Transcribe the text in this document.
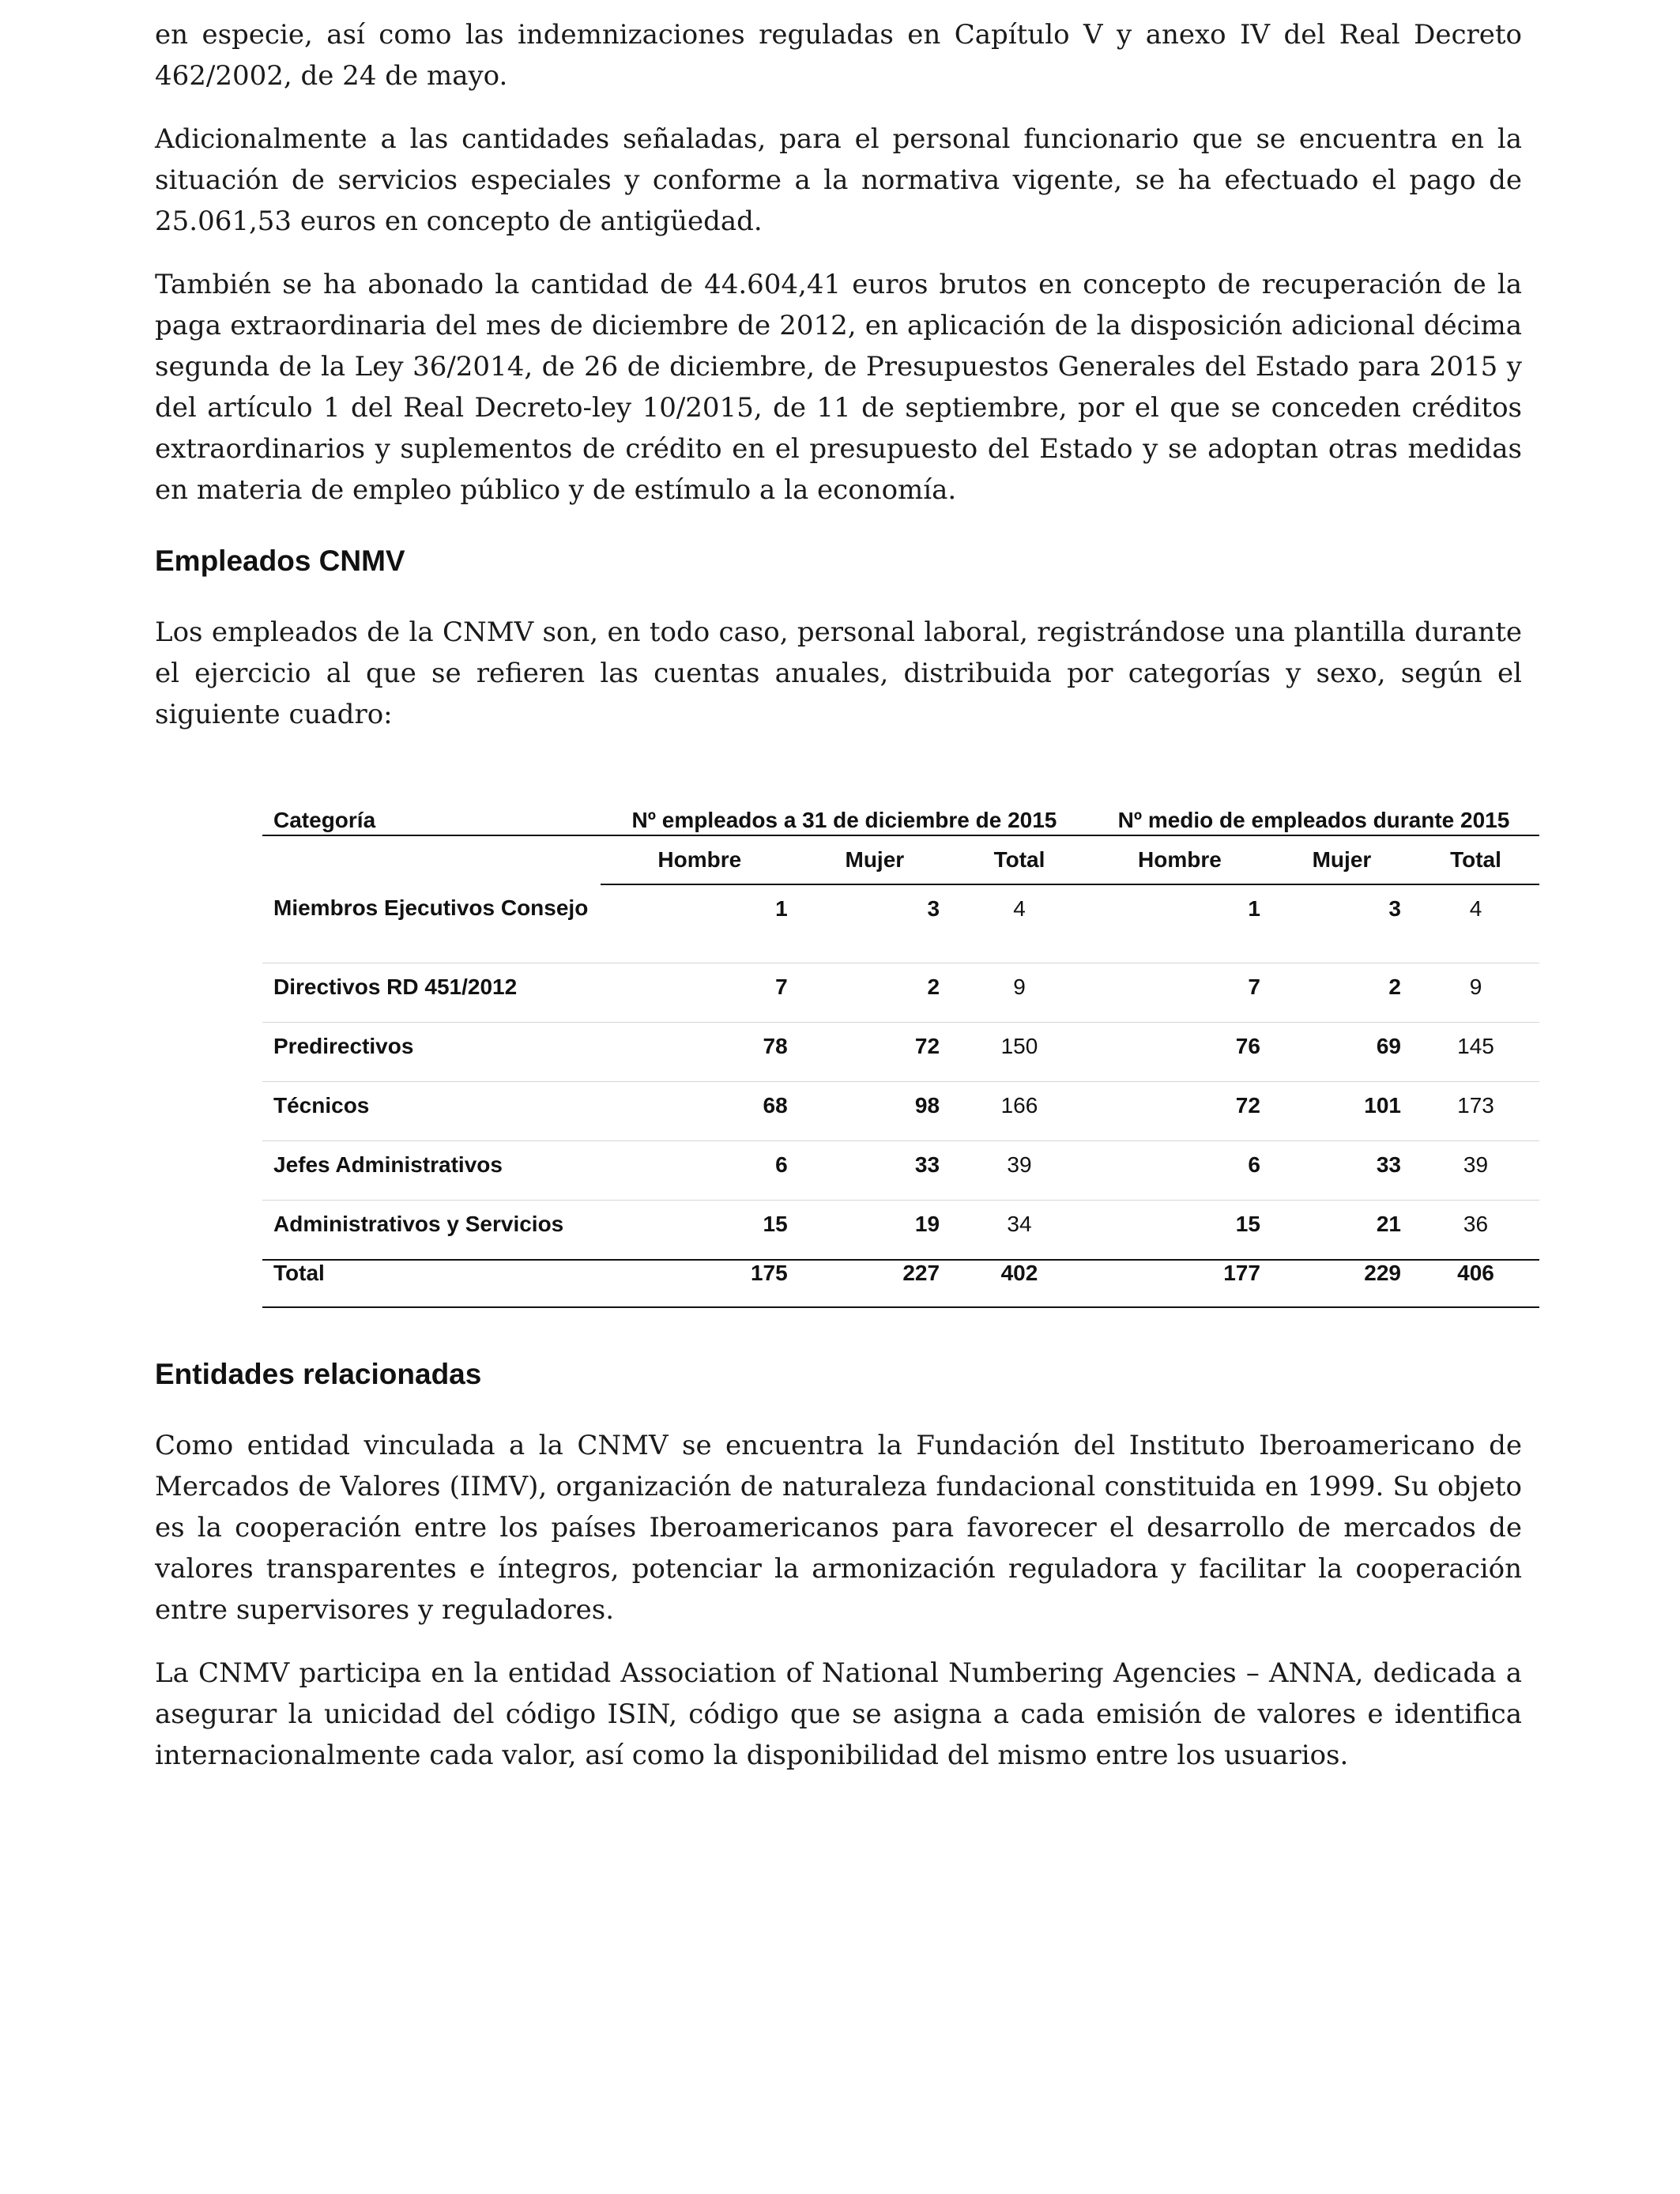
en especie, así como las indemnizaciones reguladas en Capítulo V y anexo IV del Real Decreto 462/2002, de 24 de mayo.

Adicionalmente a las cantidades señaladas, para el personal funcionario que se encuentra en la situación de servicios especiales y conforme a la normativa vigente, se ha efectuado el pago de 25.061,53 euros en concepto de antigüedad.

También se ha abonado la cantidad de 44.604,41 euros brutos en concepto de recuperación de la paga extraordinaria del mes de diciembre de 2012, en aplicación de la disposición adicional décima segunda de la Ley 36/2014, de 26 de diciembre, de Presupuestos Generales del Estado para 2015 y del artículo 1 del Real Decreto-ley 10/2015, de 11 de septiembre, por el que se conceden créditos extraordinarios y suplementos de crédito en el presupuesto del Estado y se adoptan otras medidas en materia de empleo público y de estímulo a la economía.

Empleados CNMV

Los empleados de la CNMV son, en todo caso, personal laboral, registrándose una plantilla durante el ejercicio al que se refieren las cuentas anuales, distribuida por categorías y sexo, según el siguiente cuadro:

Categoría	Nº empleados a 31 de diciembre de 2015			Nº medio de empleados durante 2015		
	Hombre	Mujer	Total	Hombre	Mujer	Total
Miembros Ejecutivos Consejo	1	3	4	1	3	4
Directivos RD 451/2012	7	2	9	7	2	9
Predirectivos	78	72	150	76	69	145
Técnicos	68	98	166	72	101	173
Jefes Administrativos	6	33	39	6	33	39
Administrativos y Servicios	15	19	34	15	21	36
Total	175	227	402	177	229	406
Entidades relacionadas

Como entidad vinculada a la CNMV se encuentra la Fundación del Instituto Iberoamericano de Mercados de Valores (IIMV), organización de naturaleza fundacional constituida en 1999. Su objeto es la cooperación entre los países Iberoamericanos para favorecer el desarrollo de mercados de valores transparentes e íntegros, potenciar la armonización reguladora y facilitar la cooperación entre supervisores y reguladores.

La CNMV participa en la entidad Association of National Numbering Agencies – ANNA, dedicada a asegurar la unicidad del código ISIN, código que se asigna a cada emisión de valores e identifica internacionalmente cada valor, así como la disponibilidad del mismo entre los usuarios.
